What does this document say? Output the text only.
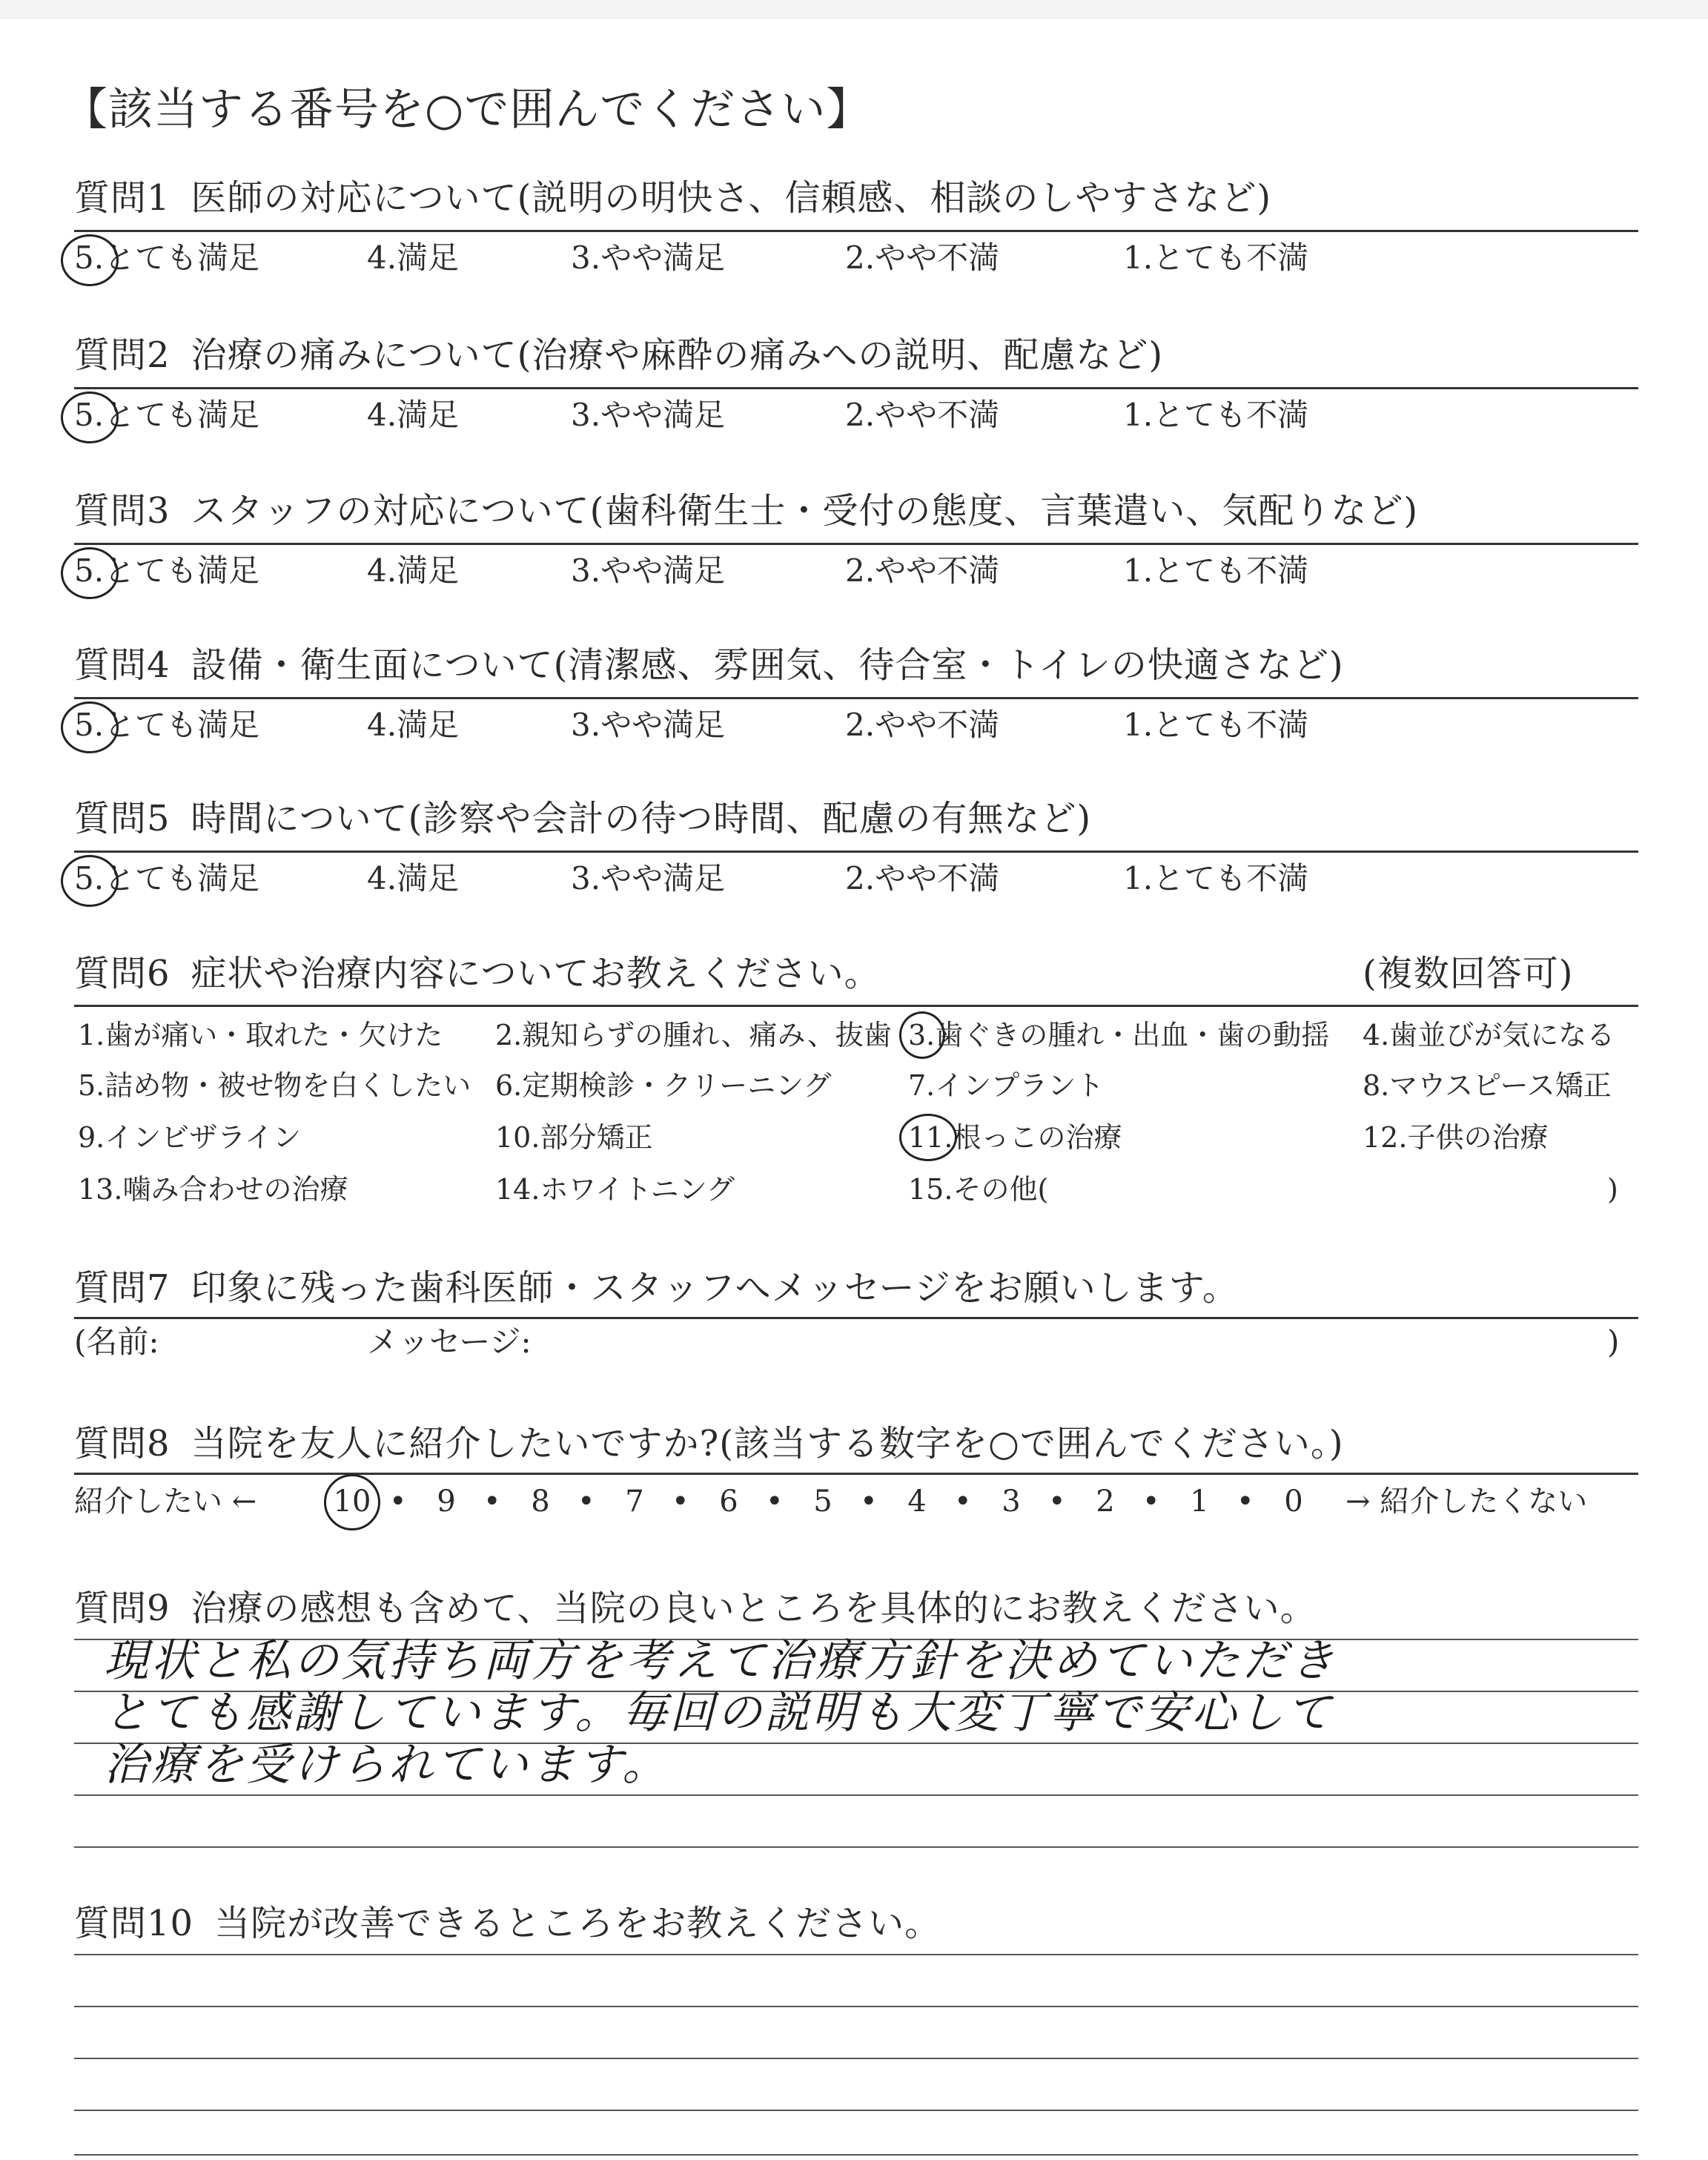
【該当する番号を○で囲んでください】
質問1 医師の対応について(説明の明快さ、信頼感、相談のしやすさなど)
5.とても満足	4.満足	3.やや満足	2.やや不満	1.とても不満
質問2 治療の痛みについて(治療や麻酔の痛みへの説明、配慮など)
5.とても満足	4.満足	3.やや満足	2.やや不満	1.とても不満
質問3 スタッフの対応について(歯科衛生士・受付の態度、言葉遣い、気配りなど)
5.とても満足	4.満足	3.やや満足	2.やや不満	1.とても不満
質問4 設備・衛生面について(清潔感、雰囲気、待合室・トイレの快適さなど)
5.とても満足	4.満足	3.やや満足	2.やや不満	1.とても不満
質問5 時間について(診察や会計の待つ時間、配慮の有無など)
5.とても満足	4.満足	3.やや満足	2.やや不満	1.とても不満
質問6 症状や治療内容についてお教えください。	(複数回答可)
1.歯が痛い・取れた・欠けた 2.親知らずの腫れ、痛み、抜歯 3.歯ぐきの腫れ・出血・歯の動揺 4.歯並びが気になる
5.詰め物・被せ物を白くしたい 6.定期検診・クリーニング	7.インプラント	8.マウスピース矯正
9.インビザライン	10.部分矯正	11.根っこの治療	12.子供の治療
13.噛み合わせの治療	14.ホワイトニング	15.その他(	)
質問7 印象に残った歯科医師・スタッフへメッセージをお願いします。
(名前:	メッセージ:	)
質問8 当院を友人に紹介したいですか?(該当する数字を○で囲んでください。)
紹介したい ←	→ 紹介したくない
10 •	9 •	8 •	7 •	6 •	5 •	4 •	3 •	2 •	1 •	0
質問9 治療の感想も含めて、当院の良いところを具体的にお教えください。
現状と私の気持ち両方を考えて治療方針を決めていただき
とても感謝しています。毎回の説明も大変丁寧で安心して
治療を受けられています。
質問10 当院が改善できるところをお教えください。
